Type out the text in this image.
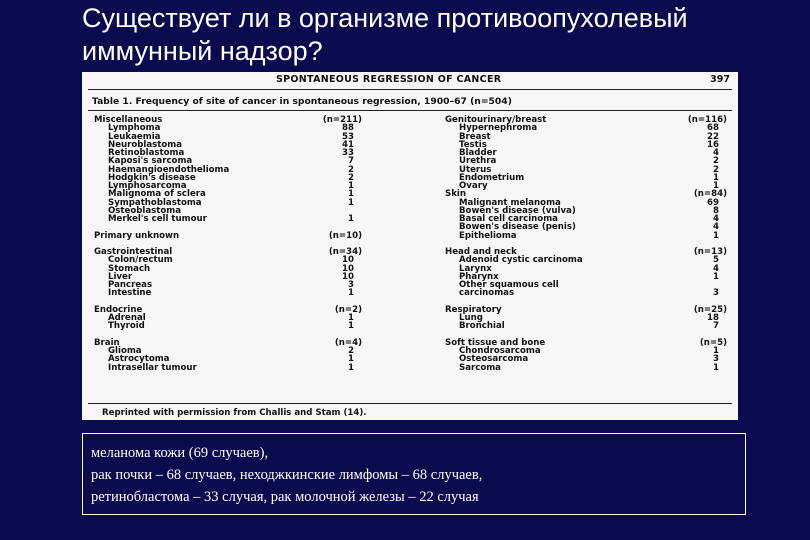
Существует ли в организме противоопухолевый
иммунный надзор?
SPONTANEOUS REGRESSION OF CANCER	397
Table 1. Frequency of site of cancer in spontaneous regression, 1900–67 (n=504)
Miscellaneous	(n=211)
Lymphoma	88
Leukaemia	53
Neuroblastoma	41
Retinoblastoma	33
Kaposi's sarcoma	7
Haemangioendothelioma	2
Hodgkin's disease	2
Lymphosarcoma	1
Malignoma of sclera	1
Sympathoblastoma	1
Osteoblastoma
Merkel's cell tumour	1
Primary unknown	(n=10)
Gastrointestinal	(n=34)
Colon/rectum	10
Stomach	10
Liver	10
Pancreas	3
Intestine	1
Endocrine	(n=2)
Adrenal	1
Thyroid	1
Brain	(n=4)
Glioma	2
Astrocytoma	1
Intrasellar tumour	1
Genitourinary/breast	(n=116)
Hypernephroma	68
Breast	22
Testis	16
Bladder	4
Urethra	2
Uterus	2
Endometrium	1
Ovary	1
Skin	(n=84)
Malignant melanoma	69
Bowen's disease (vulva)	8
Basal cell carcinoma	4
Bowen's disease (penis)	4
Epithelioma	1
Head and neck	(n=13)
Adenoid cystic carcinoma	5
Larynx	4
Pharynx	1
Other squamous cell
carcinomas	3
Respiratory	(n=25)
Lung	18
Bronchial	7
Soft tissue and bone	(n=5)
Chondrosarcoma	1
Osteosarcoma	3
Sarcoma	1
Reprinted with permission from Challis and Stam (14).
меланома кожи (69 случаев),
рак почки – 68 случаев, неходжкинские лимфомы – 68 случаев,
ретинобластома – 33 случая, рак молочной железы – 22 случая
